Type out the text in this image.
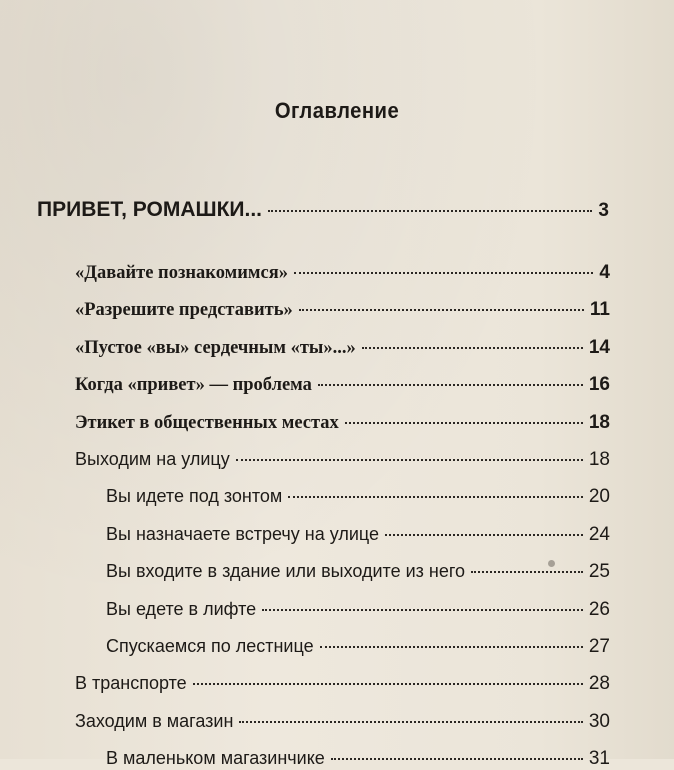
Оглавление
ПРИВЕТ, РОМАШКИ...	3
«Давайте познакомимся»	4
«Разрешите представить»	11
«Пустое «вы» сердечным «ты»...»	14
Когда «привет» — проблема	16
Этикет в общественных местах	18
Выходим на улицу	18
Вы идете под зонтом	20
Вы назначаете встречу на улице	24
Вы входите в здание или выходите из него	25
Вы едете в лифте	26
Спускаемся по лестнице	27
В транспорте	28
Заходим в магазин	30
В маленьком магазинчике	31
